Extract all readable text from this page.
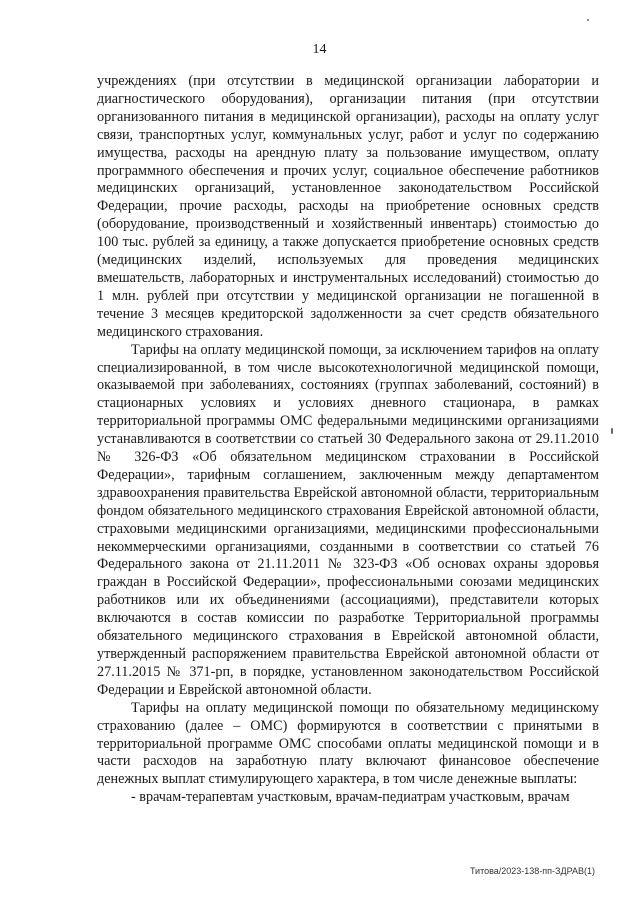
14

учреждениях (при отсутствии в медицинской организации лаборатории и диагностического оборудования), организации питания (при отсутствии организованного питания в медицинской организации), расходы на оплату услуг связи, транспортных услуг, коммунальных услуг, работ и услуг по содержанию имущества, расходы на арендную плату за пользование имуществом, оплату программного обеспечения и прочих услуг, социальное обеспечение работников медицинских организаций, установленное законодательством Российской Федерации, прочие расходы, расходы на приобретение основных средств (оборудование, производственный и хозяйственный инвентарь) стоимостью до 100 тыс. рублей за единицу, а также допускается приобретение основных средств (медицинских изделий, используемых для проведения медицинских вмешательств, лабораторных и инструментальных исследований) стоимостью до 1 млн. рублей при отсутствии у медицинской организации не погашенной в течение 3 месяцев кредиторской задолженности за счет средств обязательного медицинского страхования.

Тарифы на оплату медицинской помощи, за исключением тарифов на оплату специализированной, в том числе высокотехнологичной медицинской помощи, оказываемой при заболеваниях, состояниях (группах заболеваний, состояний) в стационарных условиях и условиях дневного стационара, в рамках территориальной программы ОМС федеральными медицинскими организациями устанавливаются в соответствии со статьей 30 Федерального закона от 29.11.2010 № 326-ФЗ «Об обязательном медицинском страховании в Российской Федерации», тарифным соглашением, заключенным между департаментом здравоохранения правительства Еврейской автономной области, территориальным фондом обязательного медицинского страхования Еврейской автономной области, страховыми медицинскими организациями, медицинскими профессиональными некоммерческими организациями, созданными в соответствии со статьей 76 Федерального закона от 21.11.2011 № 323-ФЗ «Об основах охраны здоровья граждан в Российской Федерации», профессиональными союзами медицинских работников или их объединениями (ассоциациями), представители которых включаются в состав комиссии по разработке Территориальной программы обязательного медицинского страхования в Еврейской автономной области, утвержденный распоряжением правительства Еврейской автономной области от 27.11.2015 № 371-рп, в порядке, установленном законодательством Российской Федерации и Еврейской автономной области.

Тарифы на оплату медицинской помощи по обязательному медицинскому страхованию (далее – ОМС) формируются в соответствии с принятыми в территориальной программе ОМС способами оплаты медицинской помощи и в части расходов на заработную плату включают финансовое обеспечение денежных выплат стимулирующего характера, в том числе денежные выплаты:

- врачам-терапевтам участковым, врачам-педиатрам участковым, врачам

Титова/2023-138-пп-ЗДРАВ(1)
